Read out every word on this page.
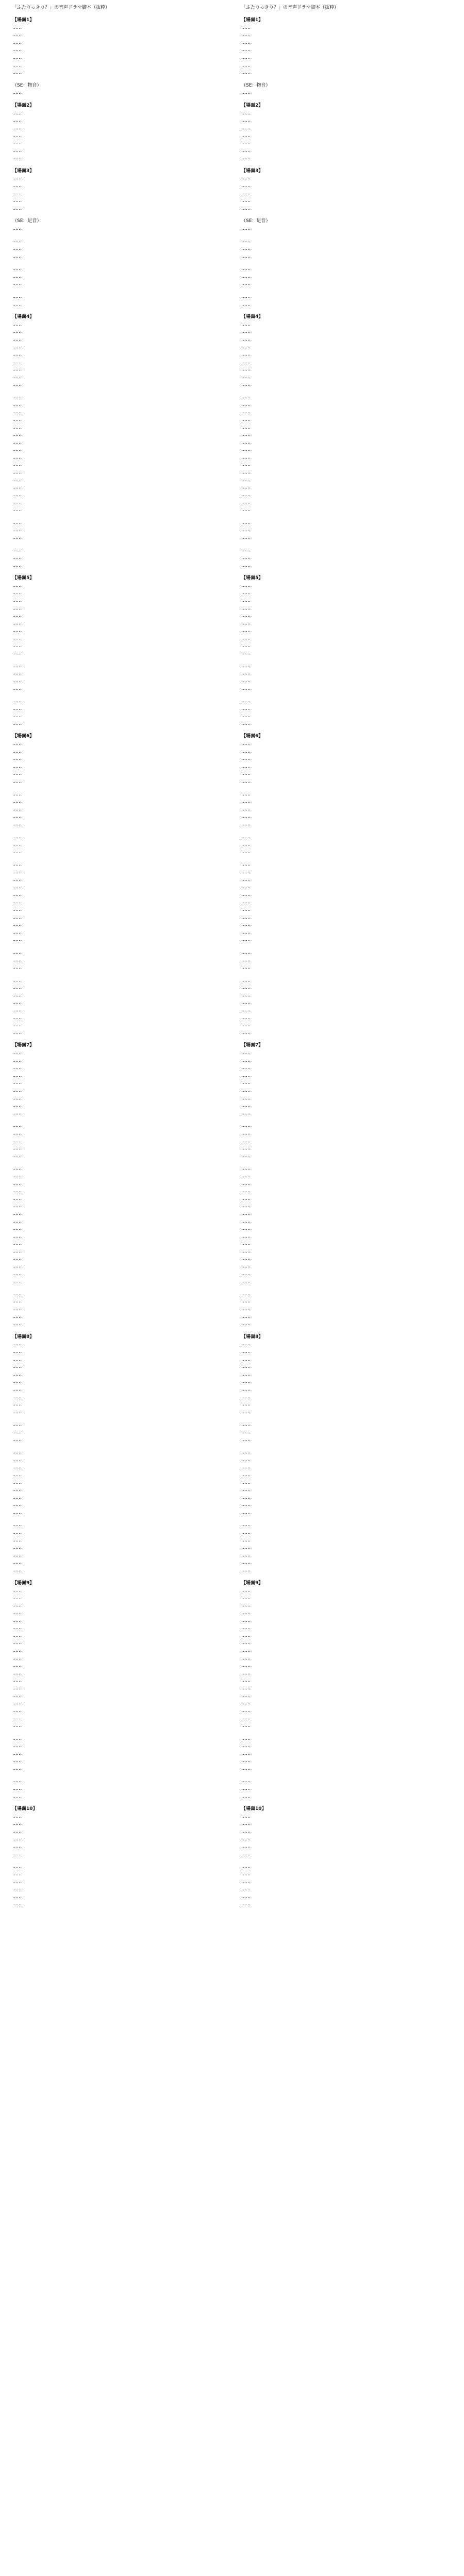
「ふたりっきり？」の音声ドラマ脚本（抜粋）
【場面1】
……
……
……
……
……
……
……
（SE：物音）
……
【場面2】
……
……
……
……
……
……
……
【場面3】
……
……
……
……
……
（SE：足音）
……
……
……
……
……
……
……
……
……
【場面4】
……
……
……
……
……
……
……
……
……
……
……
……
……
……
……
……
……
……
……
……
……
……
……
……
……
……
……
……
……
……
……
【場面5】
……
……
……
……
……
……
……
……
……
……
……
……
……
……
……
……
……
……
【場面6】
……
……
……
……
……
……
……
……
……
……
……
……
……
……
……
……
……
……
……
……
……
……
……
……
……
……
……
……
……
……
……
……
……
……
……
……
【場面7】
……
……
……
……
……
……
……
……
……
……
……
……
……
……
……
……
……
……
……
……
……
……
……
……
……
……
……
……
……
……
……
……
……
……
……
【場面8】
……
……
……
……
……
……
……
……
……
……
……
……
……
……
……
……
……
……
……
……
……
……
……
……
……
……
……
……
……
【場面9】
……
……
……
……
……
……
……
……
……
……
……
……
……
……
……
……
……
……
……
……
……
……
……
……
……
……
……
【場面10】
……
……
……
……
……
……
……
……
……
……
……
……
「ふたりっきり？」の音声ドラマ脚本（抜粋）
【場面1】
……
……
……
……
……
……
……
（SE：物音）
……
【場面2】
……
……
……
……
……
……
……
【場面3】
……
……
……
……
……
（SE：足音）
……
……
……
……
……
……
……
……
……
【場面4】
……
……
……
……
……
……
……
……
……
……
……
……
……
……
……
……
……
……
……
……
……
……
……
……
……
……
……
……
……
……
……
【場面5】
……
……
……
……
……
……
……
……
……
……
……
……
……
……
……
……
……
……
【場面6】
……
……
……
……
……
……
……
……
……
……
……
……
……
……
……
……
……
……
……
……
……
……
……
……
……
……
……
……
……
……
……
……
……
……
……
……
【場面7】
……
……
……
……
……
……
……
……
……
……
……
……
……
……
……
……
……
……
……
……
……
……
……
……
……
……
……
……
……
……
……
……
……
……
……
【場面8】
……
……
……
……
……
……
……
……
……
……
……
……
……
……
……
……
……
……
……
……
……
……
……
……
……
……
……
……
……
【場面9】
……
……
……
……
……
……
……
……
……
……
……
……
……
……
……
……
……
……
……
……
……
……
……
……
……
……
……
【場面10】
……
……
……
……
……
……
……
……
……
……
……
……
